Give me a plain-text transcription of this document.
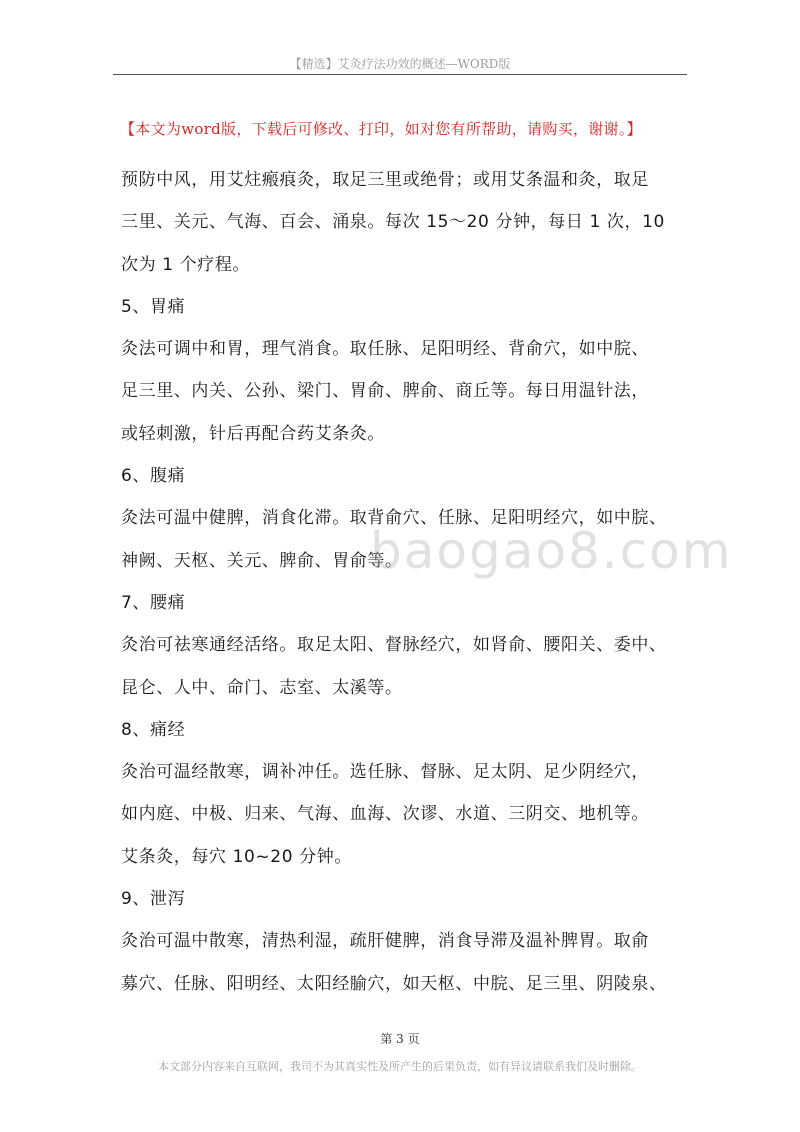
【精选】艾灸疗法功效的概述—WORD版
【本文为word版，下载后可修改、打印，如对您有所帮助，请购买，谢谢。】
预防中风，用艾炷瘢痕灸，取足三里或绝骨；或用艾条温和灸，取足
三里、关元、气海、百会、涌泉。每次 15～20 分钟，每日 1 次，10
次为 1 个疗程。
5、胃痛
灸法可调中和胃，理气消食。取任脉、足阳明经、背俞穴，如中脘、
足三里、内关、公孙、梁门、胃俞、脾俞、商丘等。每日用温针法，
或轻刺激，针后再配合药艾条灸。
6、腹痛
灸法可温中健脾，消食化滞。取背俞穴、任脉、足阳明经穴，如中脘、
神阙、天枢、关元、脾俞、胃俞等。
7、腰痛
灸治可祛寒通经活络。取足太阳、督脉经穴，如肾俞、腰阳关、委中、
昆仑、人中、命门、志室、太溪等。
8、痛经
灸治可温经散寒，调补冲任。选任脉、督脉、足太阴、足少阴经穴，
如内庭、中极、归来、气海、血海、次谬、水道、三阴交、地机等。
艾条灸，每穴 10~20 分钟。
9、泄泻
灸治可温中散寒，清热利湿，疏肝健脾，消食导滞及温补脾胃。取俞
募穴、任脉、阳明经、太阳经腧穴，如天枢、中脘、足三里、阴陵泉、
baogao8.com
第 3 页
本文部分内容来自互联网，我司不为其真实性及所产生的后果负责，如有异议请联系我们及时删除。
